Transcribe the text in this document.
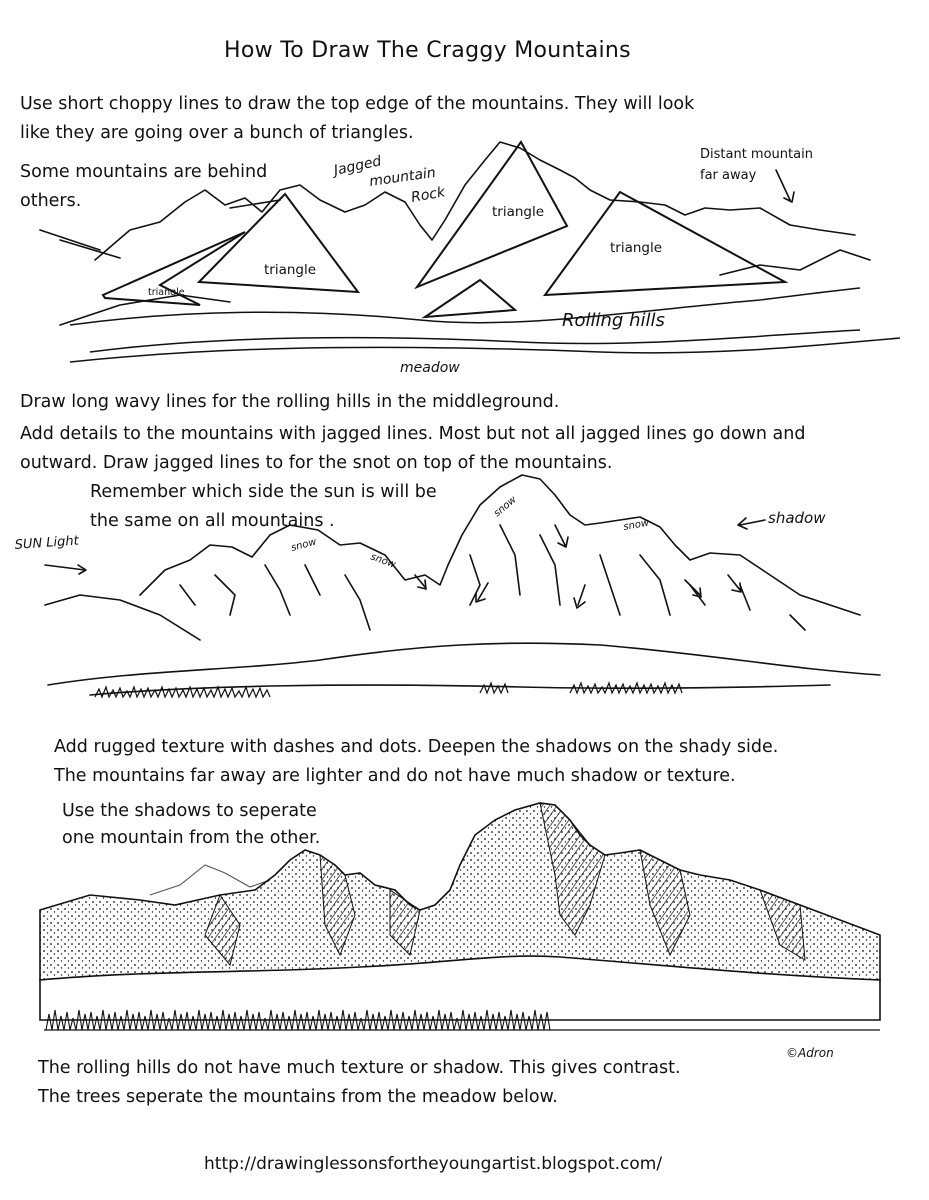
How To Draw The Craggy Mountains
Use short choppy lines to draw the top edge of the mountains. They will look
like they are going over a bunch of triangles.
Some mountains are behind
others.
triangle
triangle
triangle
triangle
Jagged
mountain
Rock
Distant mountain
far away
Rolling hills
meadow
Draw long wavy lines for the rolling hills in the middleground.
Add details to the mountains with jagged lines. Most but not all jagged lines go down and
outward. Draw jagged lines to for the snot on top of the mountains.
Remember which side the sun is will be
the same on all mountains .
SUN Light	snow
snow
snow
snow	shadow
Add rugged texture with dashes and dots. Deepen the shadows on the shady side.
The mountains far away are lighter and do not have much shadow or texture.
Use the shadows to seperate
one mountain from the other.
©Adron
The rolling hills do not have much texture or shadow. This gives contrast.
The trees seperate the mountains from the meadow below.
http://drawinglessonsfortheyoungartist.blogspot.com/
